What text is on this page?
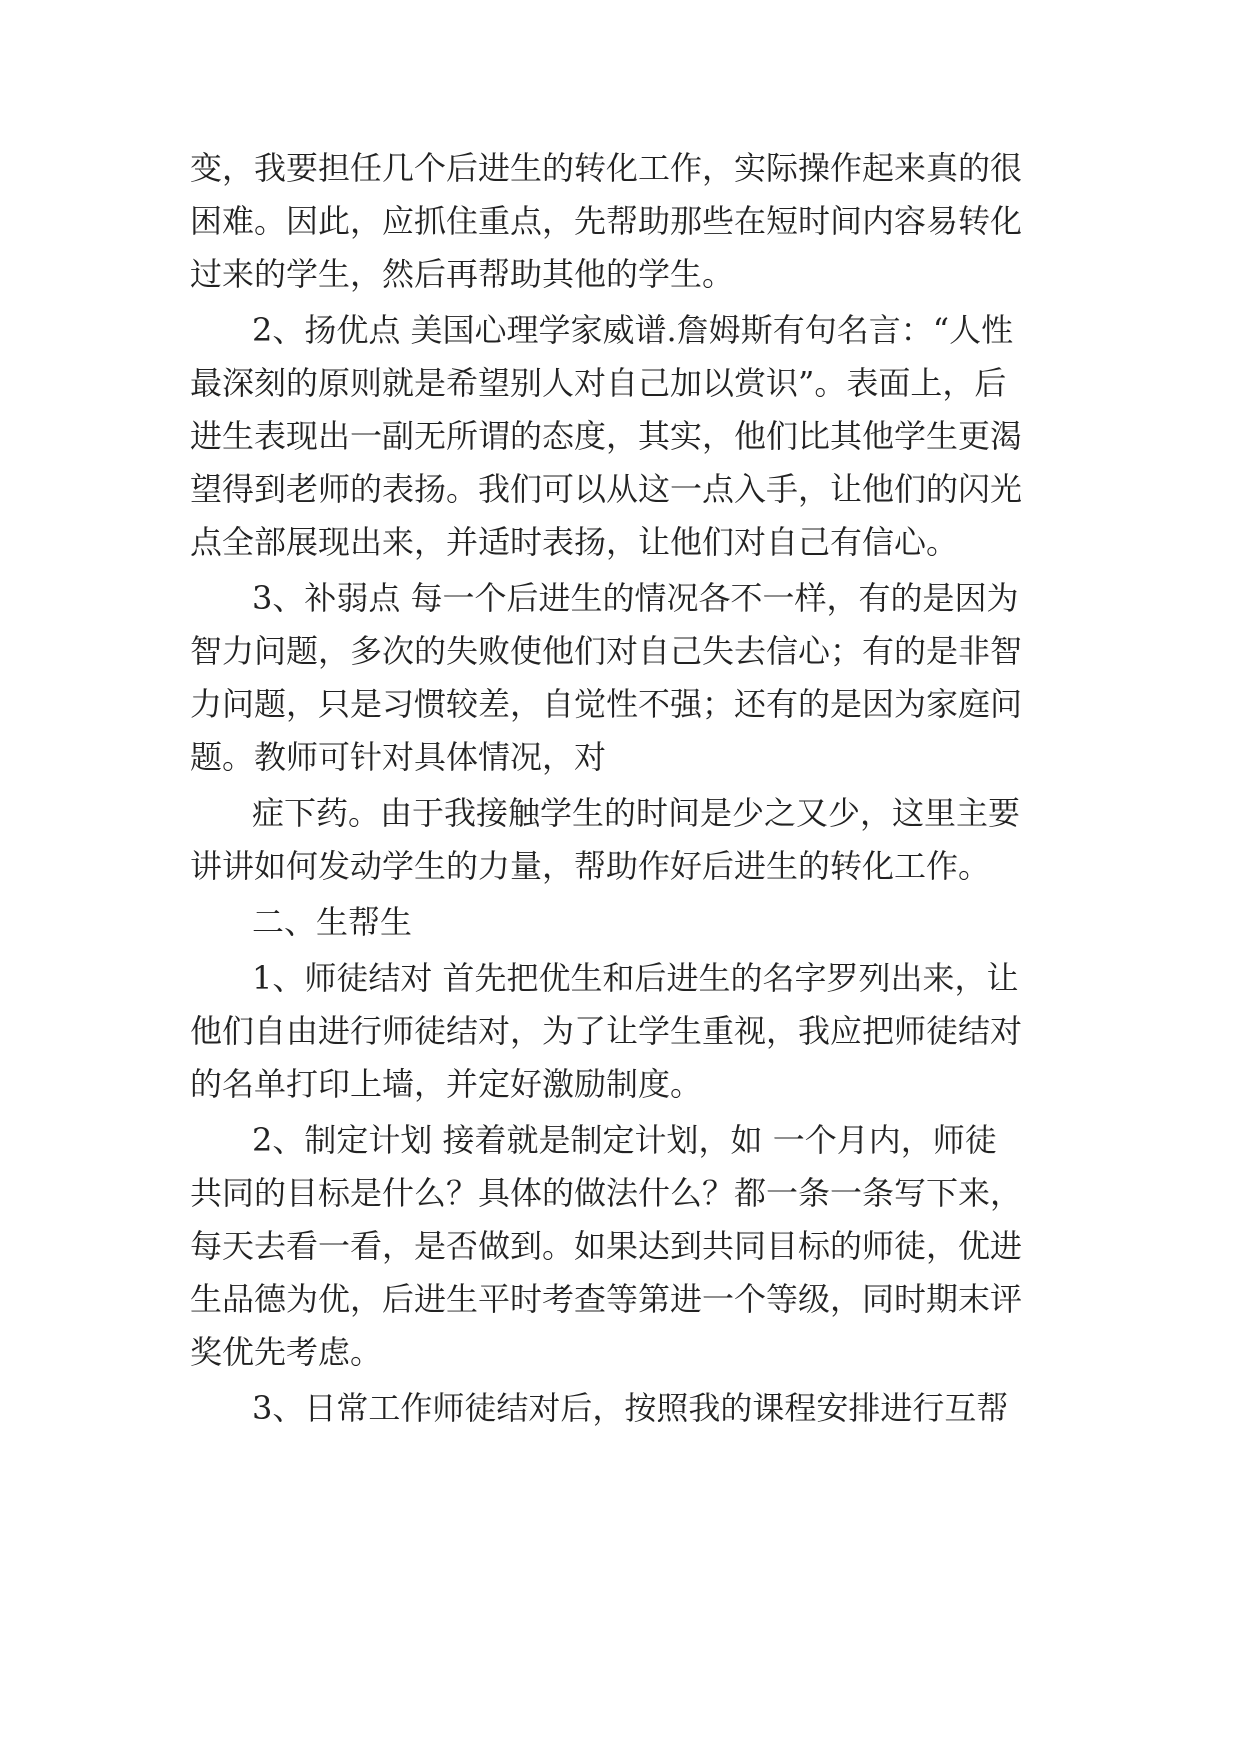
变，我要担任几个后进生的转化工作，实际操作起来真的很
困难。因此，应抓住重点，先帮助那些在短时间内容易转化
过来的学生，然后再帮助其他的学生。
2、扬优点 美国心理学家威谱.詹姆斯有句名言：“人性
最深刻的原则就是希望别人对自己加以赏识”。表面上，后
进生表现出一副无所谓的态度，其实，他们比其他学生更渴
望得到老师的表扬。我们可以从这一点入手，让他们的闪光
点全部展现出来，并适时表扬，让他们对自己有信心。
3、补弱点 每一个后进生的情况各不一样，有的是因为
智力问题，多次的失败使他们对自己失去信心；有的是非智
力问题，只是习惯较差，自觉性不强；还有的是因为家庭问
题。教师可针对具体情况，对
症下药。由于我接触学生的时间是少之又少，这里主要
讲讲如何发动学生的力量，帮助作好后进生的转化工作。
二、生帮生
1、师徒结对 首先把优生和后进生的名字罗列出来，让
他们自由进行师徒结对，为了让学生重视，我应把师徒结对
的名单打印上墙，并定好激励制度。
2、制定计划 接着就是制定计划，如 一个月内，师徒
共同的目标是什么？具体的做法什么？都一条一条写下来，
每天去看一看，是否做到。如果达到共同目标的师徒，优进
生品德为优，后进生平时考查等第进一个等级，同时期末评
奖优先考虑。
3、日常工作师徒结对后，按照我的课程安排进行互帮
